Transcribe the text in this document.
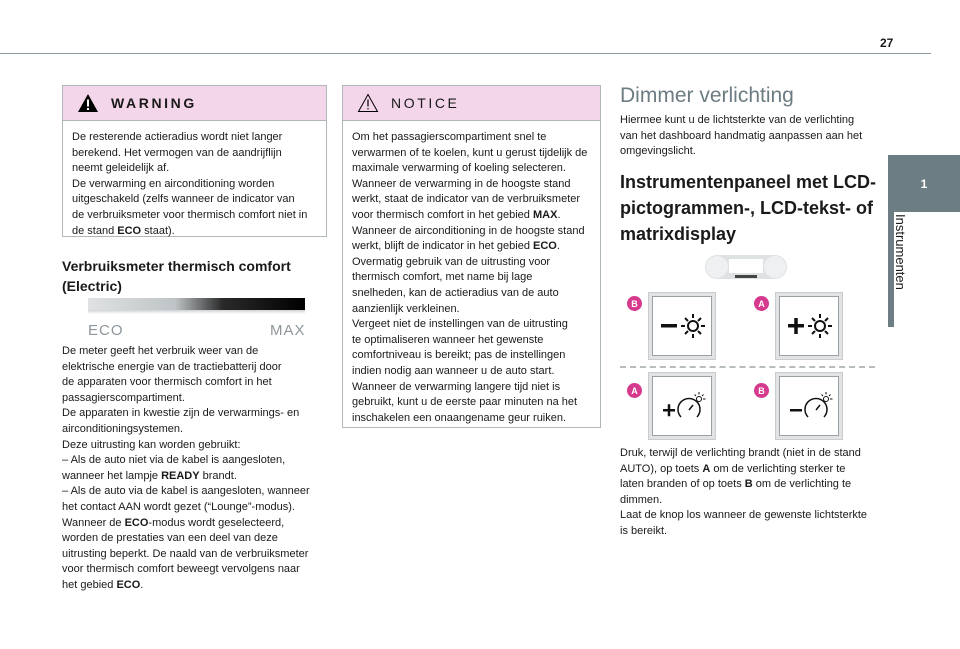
27
1
Instrumenten
WARNING

De resterende actieradius wordt niet langer

berekend. Het vermogen van de aandrijflijn

neemt geleidelijk af.

De verwarming en airconditioning worden

uitgeschakeld (zelfs wanneer de indicator van

de verbruiksmeter voor thermisch comfort niet in

de stand ECO staat).

Verbruiksmeter thermisch comfort
(Electric)
ECO	MAX

De meter geeft het verbruik weer van de

elektrische energie van de tractiebatterij door

de apparaten voor thermisch comfort in het

passagierscompartiment.

De apparaten in kwestie zijn de verwarmings- en

airconditioningsystemen.

Deze uitrusting kan worden gebruikt:

– Als de auto niet via de kabel is aangesloten,

wanneer het lampje READY brandt.

– Als de auto via de kabel is aangesloten, wanneer

het contact AAN wordt gezet (“Lounge”-modus).

Wanneer de ECO-modus wordt geselecteerd,

worden de prestaties van een deel van deze

uitrusting beperkt. De naald van de verbruiksmeter

voor thermisch comfort beweegt vervolgens naar

het gebied ECO.

NOTICE

Om het passagierscompartiment snel te

verwarmen of te koelen, kunt u gerust tijdelijk de

maximale verwarming of koeling selecteren.

Wanneer de verwarming in de hoogste stand

werkt, staat de indicator van de verbruiksmeter

voor thermisch comfort in het gebied MAX.

Wanneer de airconditioning in de hoogste stand

werkt, blijft de indicator in het gebied ECO.

Overmatig gebruik van de uitrusting voor

thermisch comfort, met name bij lage

snelheden, kan de actieradius van de auto

aanzienlijk verkleinen.

Vergeet niet de instellingen van de uitrusting

te optimaliseren wanneer het gewenste

comfortniveau is bereikt; pas de instellingen

indien nodig aan wanneer u de auto start.

Wanneer de verwarming langere tijd niet is

gebruikt, kunt u de eerste paar minuten na het

inschakelen een onaangename geur ruiken.

Dimmer verlichting

Hiermee kunt u de lichtsterkte van de verlichting

van het dashboard handmatig aanpassen aan het

omgevingslicht.

Instrumentenpaneel met LCD-
pictogrammen-, LCD-tekst- of
matrixdisplay
B	A
A	B

Druk, terwijl de verlichting brandt (niet in de stand

AUTO), op toets A om de verlichting sterker te

laten branden of op toets B om de verlichting te

dimmen.

Laat de knop los wanneer de gewenste lichtsterkte

is bereikt.
